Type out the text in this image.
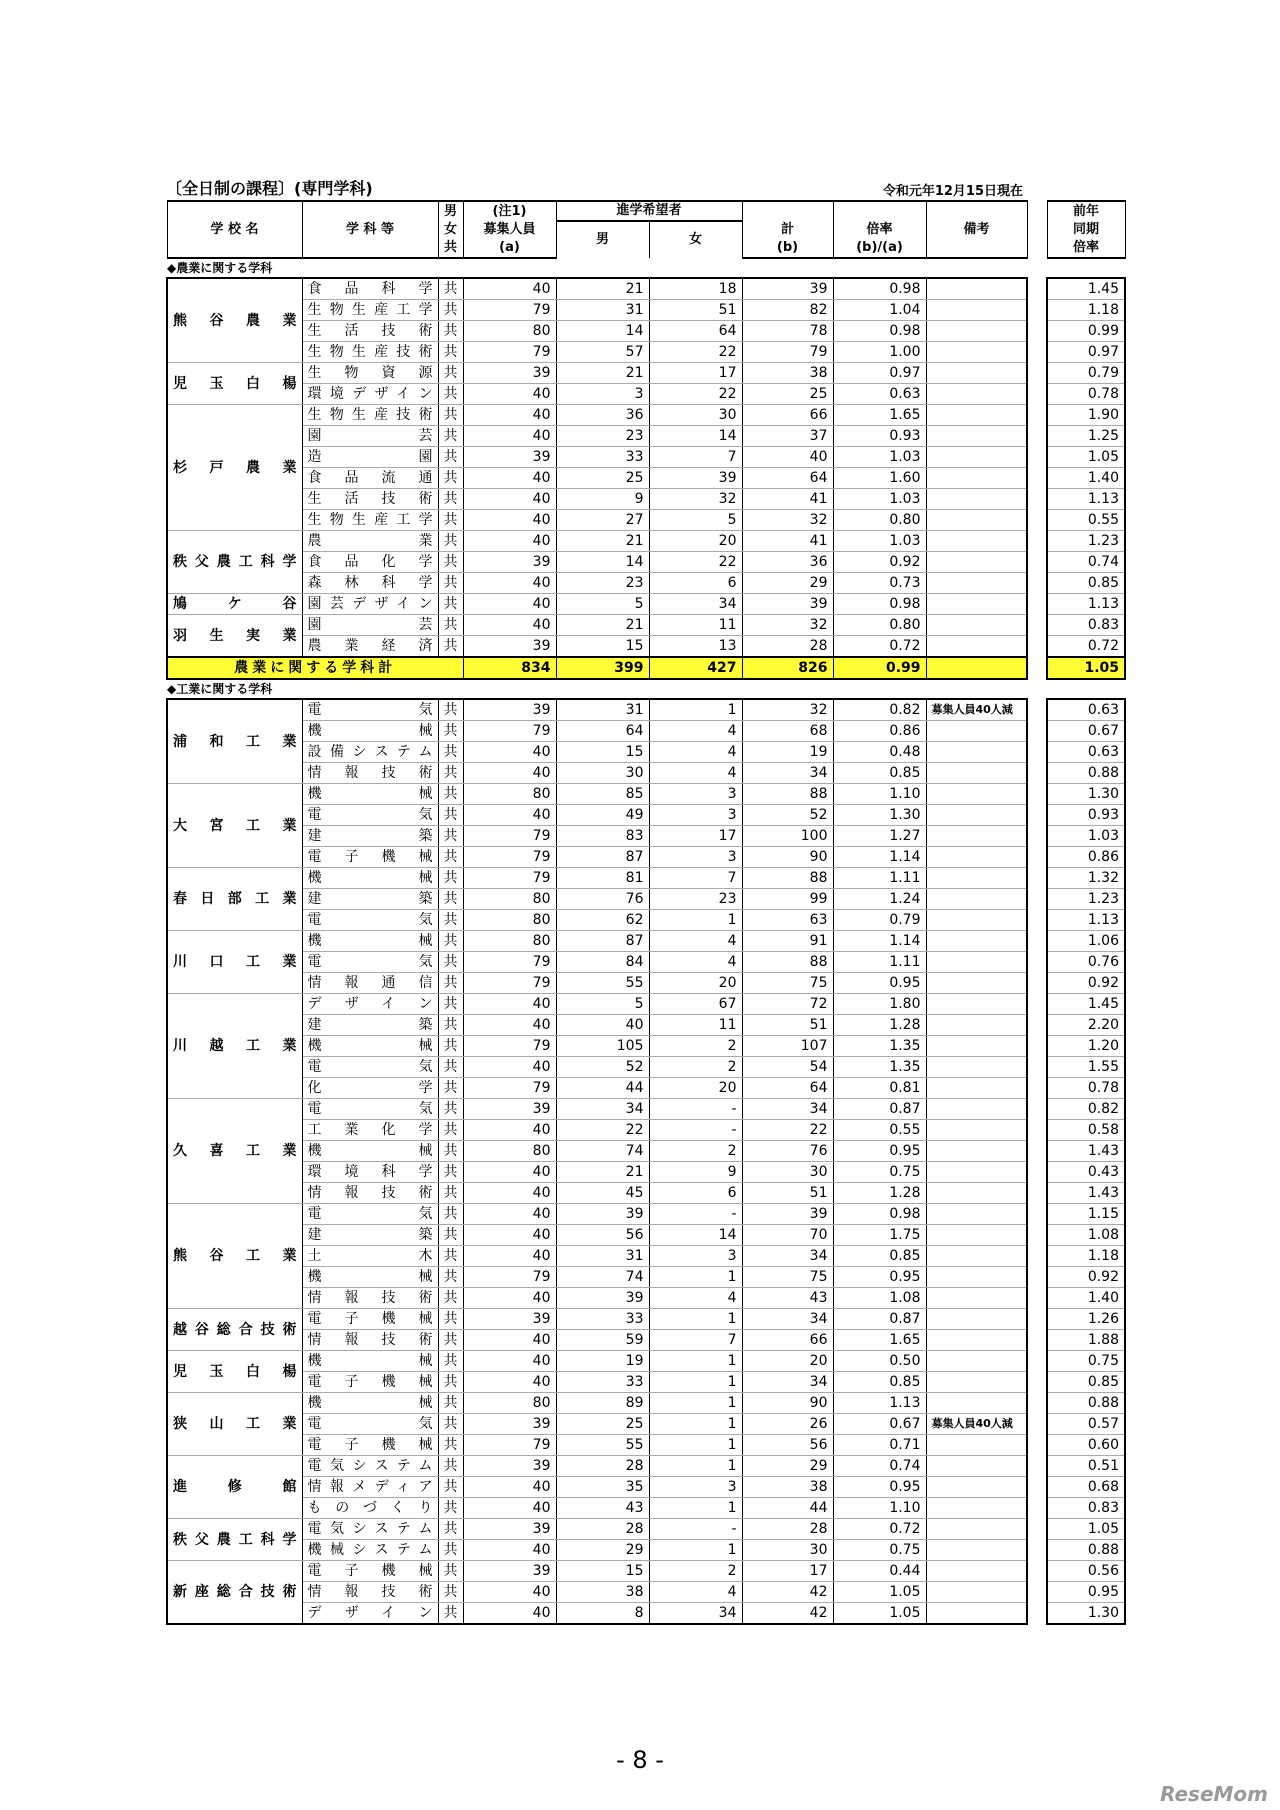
〔全日制の課程〕(専門学科)	令和元年12月15日現在
学 校 名	学 科 等	男	(注1)	進学希望者				備考		前年
		女	募集人員	男	女	計	倍率			同期
		共	(a)			(b)	(b)/(a)			倍率
◆農業に関する学科										
熊谷農業	食品科学	共	40	21	18	39	0.98			1.45
	生物生産工学	共	79	31	51	82	1.04			1.18
	生活技術	共	80	14	64	78	0.98			0.99
	生物生産技術	共	79	57	22	79	1.00			0.97
児玉白楊	生物資源	共	39	21	17	38	0.97			0.79
	環境デザイン	共	40	3	22	25	0.63			0.78
杉戸農業	生物生産技術	共	40	36	30	66	1.65			1.90
	園芸	共	40	23	14	37	0.93			1.25
	造園	共	39	33	7	40	1.03			1.05
	食品流通	共	40	25	39	64	1.60			1.40
	生活技術	共	40	9	32	41	1.03			1.13
	生物生産工学	共	40	27	5	32	0.80			0.55
秩父農工科学	農業	共	40	21	20	41	1.03			1.23
	食品化学	共	39	14	22	36	0.92			0.74
	森林科学	共	40	23	6	29	0.73			0.85
鳩ケ谷	園芸デザイン	共	40	5	34	39	0.98			1.13
羽生実業	園芸	共	40	21	11	32	0.80			0.83
	農業経済	共	39	15	13	28	0.72			0.72
農業に関する学科計			834	399	427	826	0.99			1.05
◆工業に関する学科										
浦和工業	電気	共	39	31	1	32	0.82	募集人員40人減		0.63
	機械	共	79	64	4	68	0.86			0.67
	設備システム	共	40	15	4	19	0.48			0.63
	情報技術	共	40	30	4	34	0.85			0.88
大宮工業	機械	共	80	85	3	88	1.10			1.30
	電気	共	40	49	3	52	1.30			0.93
	建築	共	79	83	17	100	1.27			1.03
	電子機械	共	79	87	3	90	1.14			0.86
春日部工業	機械	共	79	81	7	88	1.11			1.32
	建築	共	80	76	23	99	1.24			1.23
	電気	共	80	62	1	63	0.79			1.13
川口工業	機械	共	80	87	4	91	1.14			1.06
	電気	共	79	84	4	88	1.11			0.76
	情報通信	共	79	55	20	75	0.95			0.92
川越工業	デザイン	共	40	5	67	72	1.80			1.45
	建築	共	40	40	11	51	1.28			2.20
	機械	共	79	105	2	107	1.35			1.20
	電気	共	40	52	2	54	1.35			1.55
	化学	共	79	44	20	64	0.81			0.78
久喜工業	電気	共	39	34	-	34	0.87			0.82
	工業化学	共	40	22	-	22	0.55			0.58
	機械	共	80	74	2	76	0.95			1.43
	環境科学	共	40	21	9	30	0.75			0.43
	情報技術	共	40	45	6	51	1.28			1.43
熊谷工業	電気	共	40	39	-	39	0.98			1.15
	建築	共	40	56	14	70	1.75			1.08
	土木	共	40	31	3	34	0.85			1.18
	機械	共	79	74	1	75	0.95			0.92
	情報技術	共	40	39	4	43	1.08			1.40
越谷総合技術	電子機械	共	39	33	1	34	0.87			1.26
	情報技術	共	40	59	7	66	1.65			1.88
児玉白楊	機械	共	40	19	1	20	0.50			0.75
	電子機械	共	40	33	1	34	0.85			0.85
狭山工業	機械	共	80	89	1	90	1.13			0.88
	電気	共	39	25	1	26	0.67	募集人員40人減		0.57
	電子機械	共	79	55	1	56	0.71			0.60
進修館	電気システム	共	39	28	1	29	0.74			0.51
	情報メディア	共	40	35	3	38	0.95			0.68
	ものづくり	共	40	43	1	44	1.10			0.83
秩父農工科学	電気システム	共	39	28	-	28	0.72			1.05
	機械システム	共	40	29	1	30	0.75			0.88
新座総合技術	電子機械	共	39	15	2	17	0.44			0.56
	情報技術	共	40	38	4	42	1.05			0.95
	デザイン	共	40	8	34	42	1.05			1.30
- 8 -
ReseMom
